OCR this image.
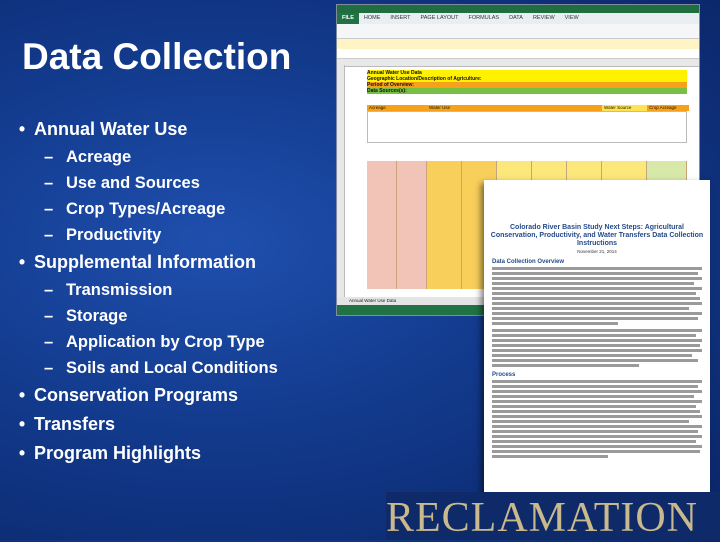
Data Collection
• Annual Water Use
– Acreage
– Use and Sources
– Crop Types/Acreage
– Productivity
• Supplemental Information
– Transmission
– Storage
– Application by Crop Type
– Soils and Local Conditions
• Conservation Programs
• Transfers
• Program Highlights
FILE	HOME	INSERT	PAGE LAYOUT	FORMULAS	DATA	REVIEW	VIEW
Annual Water Use Data
Geographic Location/Description of Agriculture:
Period of Overview:
Data Sources(s):
Acreage	Water Use	Water Source	Crop Acreage
Annual Water Use Data
Colorado River Basin Study Next Steps: Agricultural Conservation, Productivity, and Water Transfers Data Collection Instructions
November 21, 2014
Data Collection Overview
Process
RECLAMATION
